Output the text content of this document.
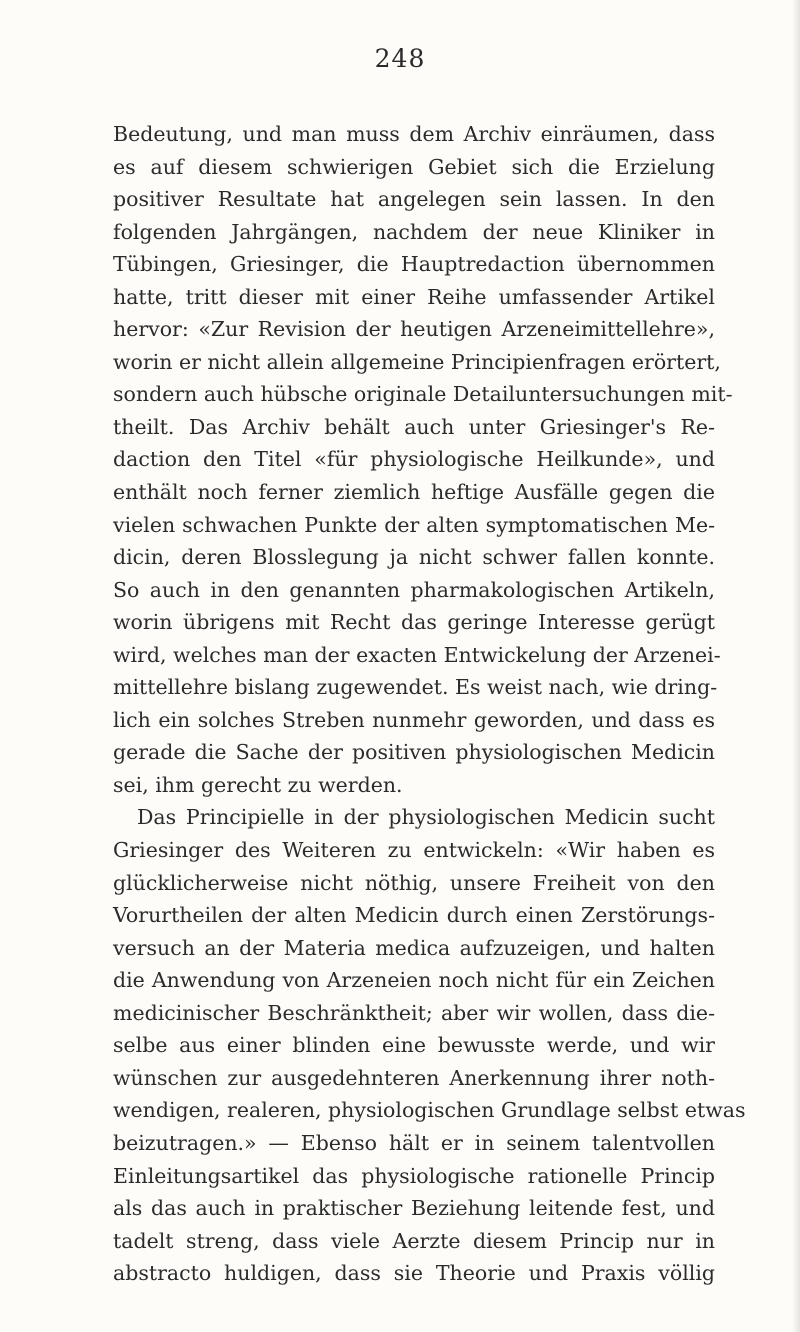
248
Bedeutung, und man muss dem Archiv einräumen, dass
es auf diesem schwierigen Gebiet sich die Erzielung
positiver Resultate hat angelegen sein lassen. In den
folgenden Jahrgängen, nachdem der neue Kliniker in
Tübingen, Griesinger, die Hauptredaction übernommen
hatte, tritt dieser mit einer Reihe umfassender Artikel
hervor: «Zur Revision der heutigen Arzeneimittellehre»,
worin er nicht allein allgemeine Principienfragen erörtert,
sondern auch hübsche originale Detailuntersuchungen mit-
theilt. Das Archiv behält auch unter Griesinger's Re-
daction den Titel «für physiologische Heilkunde», und
enthält noch ferner ziemlich heftige Ausfälle gegen die
vielen schwachen Punkte der alten symptomatischen Me-
dicin, deren Blosslegung ja nicht schwer fallen konnte.
So auch in den genannten pharmakologischen Artikeln,
worin übrigens mit Recht das geringe Interesse gerügt
wird, welches man der exacten Entwickelung der Arzenei-
mittellehre bislang zugewendet. Es weist nach, wie dring-
lich ein solches Streben nunmehr geworden, und dass es
gerade die Sache der positiven physiologischen Medicin
sei, ihm gerecht zu werden.
Das Principielle in der physiologischen Medicin sucht
Griesinger des Weiteren zu entwickeln: «Wir haben es
glücklicherweise nicht nöthig, unsere Freiheit von den
Vorurtheilen der alten Medicin durch einen Zerstörungs-
versuch an der Materia medica aufzuzeigen, und halten
die Anwendung von Arzeneien noch nicht für ein Zeichen
medicinischer Beschränktheit; aber wir wollen, dass die-
selbe aus einer blinden eine bewusste werde, und wir
wünschen zur ausgedehnteren Anerkennung ihrer noth-
wendigen, realeren, physiologischen Grundlage selbst etwas
beizutragen.» — Ebenso hält er in seinem talentvollen
Einleitungsartikel das physiologische rationelle Princip
als das auch in praktischer Beziehung leitende fest, und
tadelt streng, dass viele Aerzte diesem Princip nur in
abstracto huldigen, dass sie Theorie und Praxis völlig
